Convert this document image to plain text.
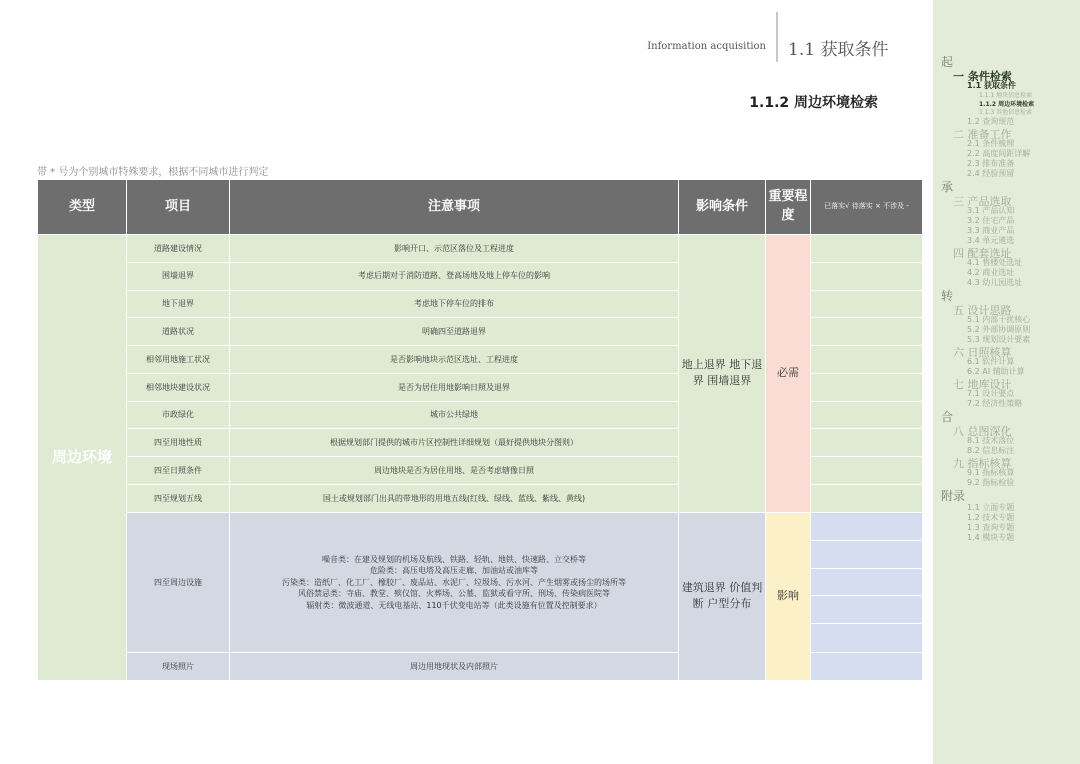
Information acquisition 1.1 获取条件
1.1.2 周边环境检索
带 * 号为个别城市特殊要求，根据不同城市进行判定
类型	项目	注意事项	影响条件	重要程度	已落实√ 待落实 × 不涉及 -
周边环境	道路建设情况	影响开口、示范区落位及工程进度	地上退界 地下退界 围墙退界	必需	
	围墙退界	考虑后期对于消防道路、登高场地及地上停车位的影响			
	地下退界	考虑地下停车位的排布			
	道路状况	明确四至道路退界			
	相邻用地施工状况	是否影响地块示范区选址、工程进度			
	相邻地块建设状况	是否为居住用地影响日照及退界			
	市政绿化	城市公共绿地			
	四至用地性质	根据规划部门提供的城市片区控制性详细规划（最好提供地块分图则）			
	四至日照条件	周边地块是否为居住用地、是否考虑辖像日照			
	四至规划五线	国土或规划部门出具的带地形的用地五线(红线、绿线、蓝线、紫线、黄线)			
	四至周边设施	噪音类：在建及规划的机场及航线、铁路、轻轨、地铁、快速路、立交桥等
危险类：高压电塔及高压走廊、加油站或油库等
污染类：造纸厂、化工厂、橡胶厂、废品站、水泥厂、垃圾场、污水河、产生烟雾或扬尘的场所等
风俗禁忌类：寺庙、教堂、殡仪馆、火葬场、公墓、监狱或看守所、刑场、传染病医院等
辐射类：微波通道、无线电基站、110千伏变电站等（此类设施有位置及控制要求）	建筑退界 价值判断 户型分布	影响	

	现场照片	周边用地现状及内部照片			
起
一 条件检索
1.1 获取条件
1.1.1 地块信息检索
1.1.2 周边环境检索
1.1.3 其他信息检索
1.2 查询规范
二 准备工作
2.1 条件梳理
2.2 高度间距详解
2.3 排布准备
2.4 经验预留
承
三 产品选取
3.1 产品认知
3.2 住宅产品
3.3 商业产品
3.4 单元遴选
四 配套选址
4.1 售楼处选址
4.2 商业选址
4.3 幼儿园选址
转
五 设计思路
5.1 内部干扰核心
5.2 外部协调原则
5.3 规划设计要素
六 日照核算
6.1 软件计算
6.2 AI 辅助计算
七 地库设计
7.1 设计要点
7.2 经济性策略
合
八 总图深化
8.1 技术落位
8.2 信息标注
九 指标核算
9.1 指标核算
9.2 指标检验
附录
1.1 立面专题
1.2 技术专题
1.3 查询专题
1.4 模块专题
